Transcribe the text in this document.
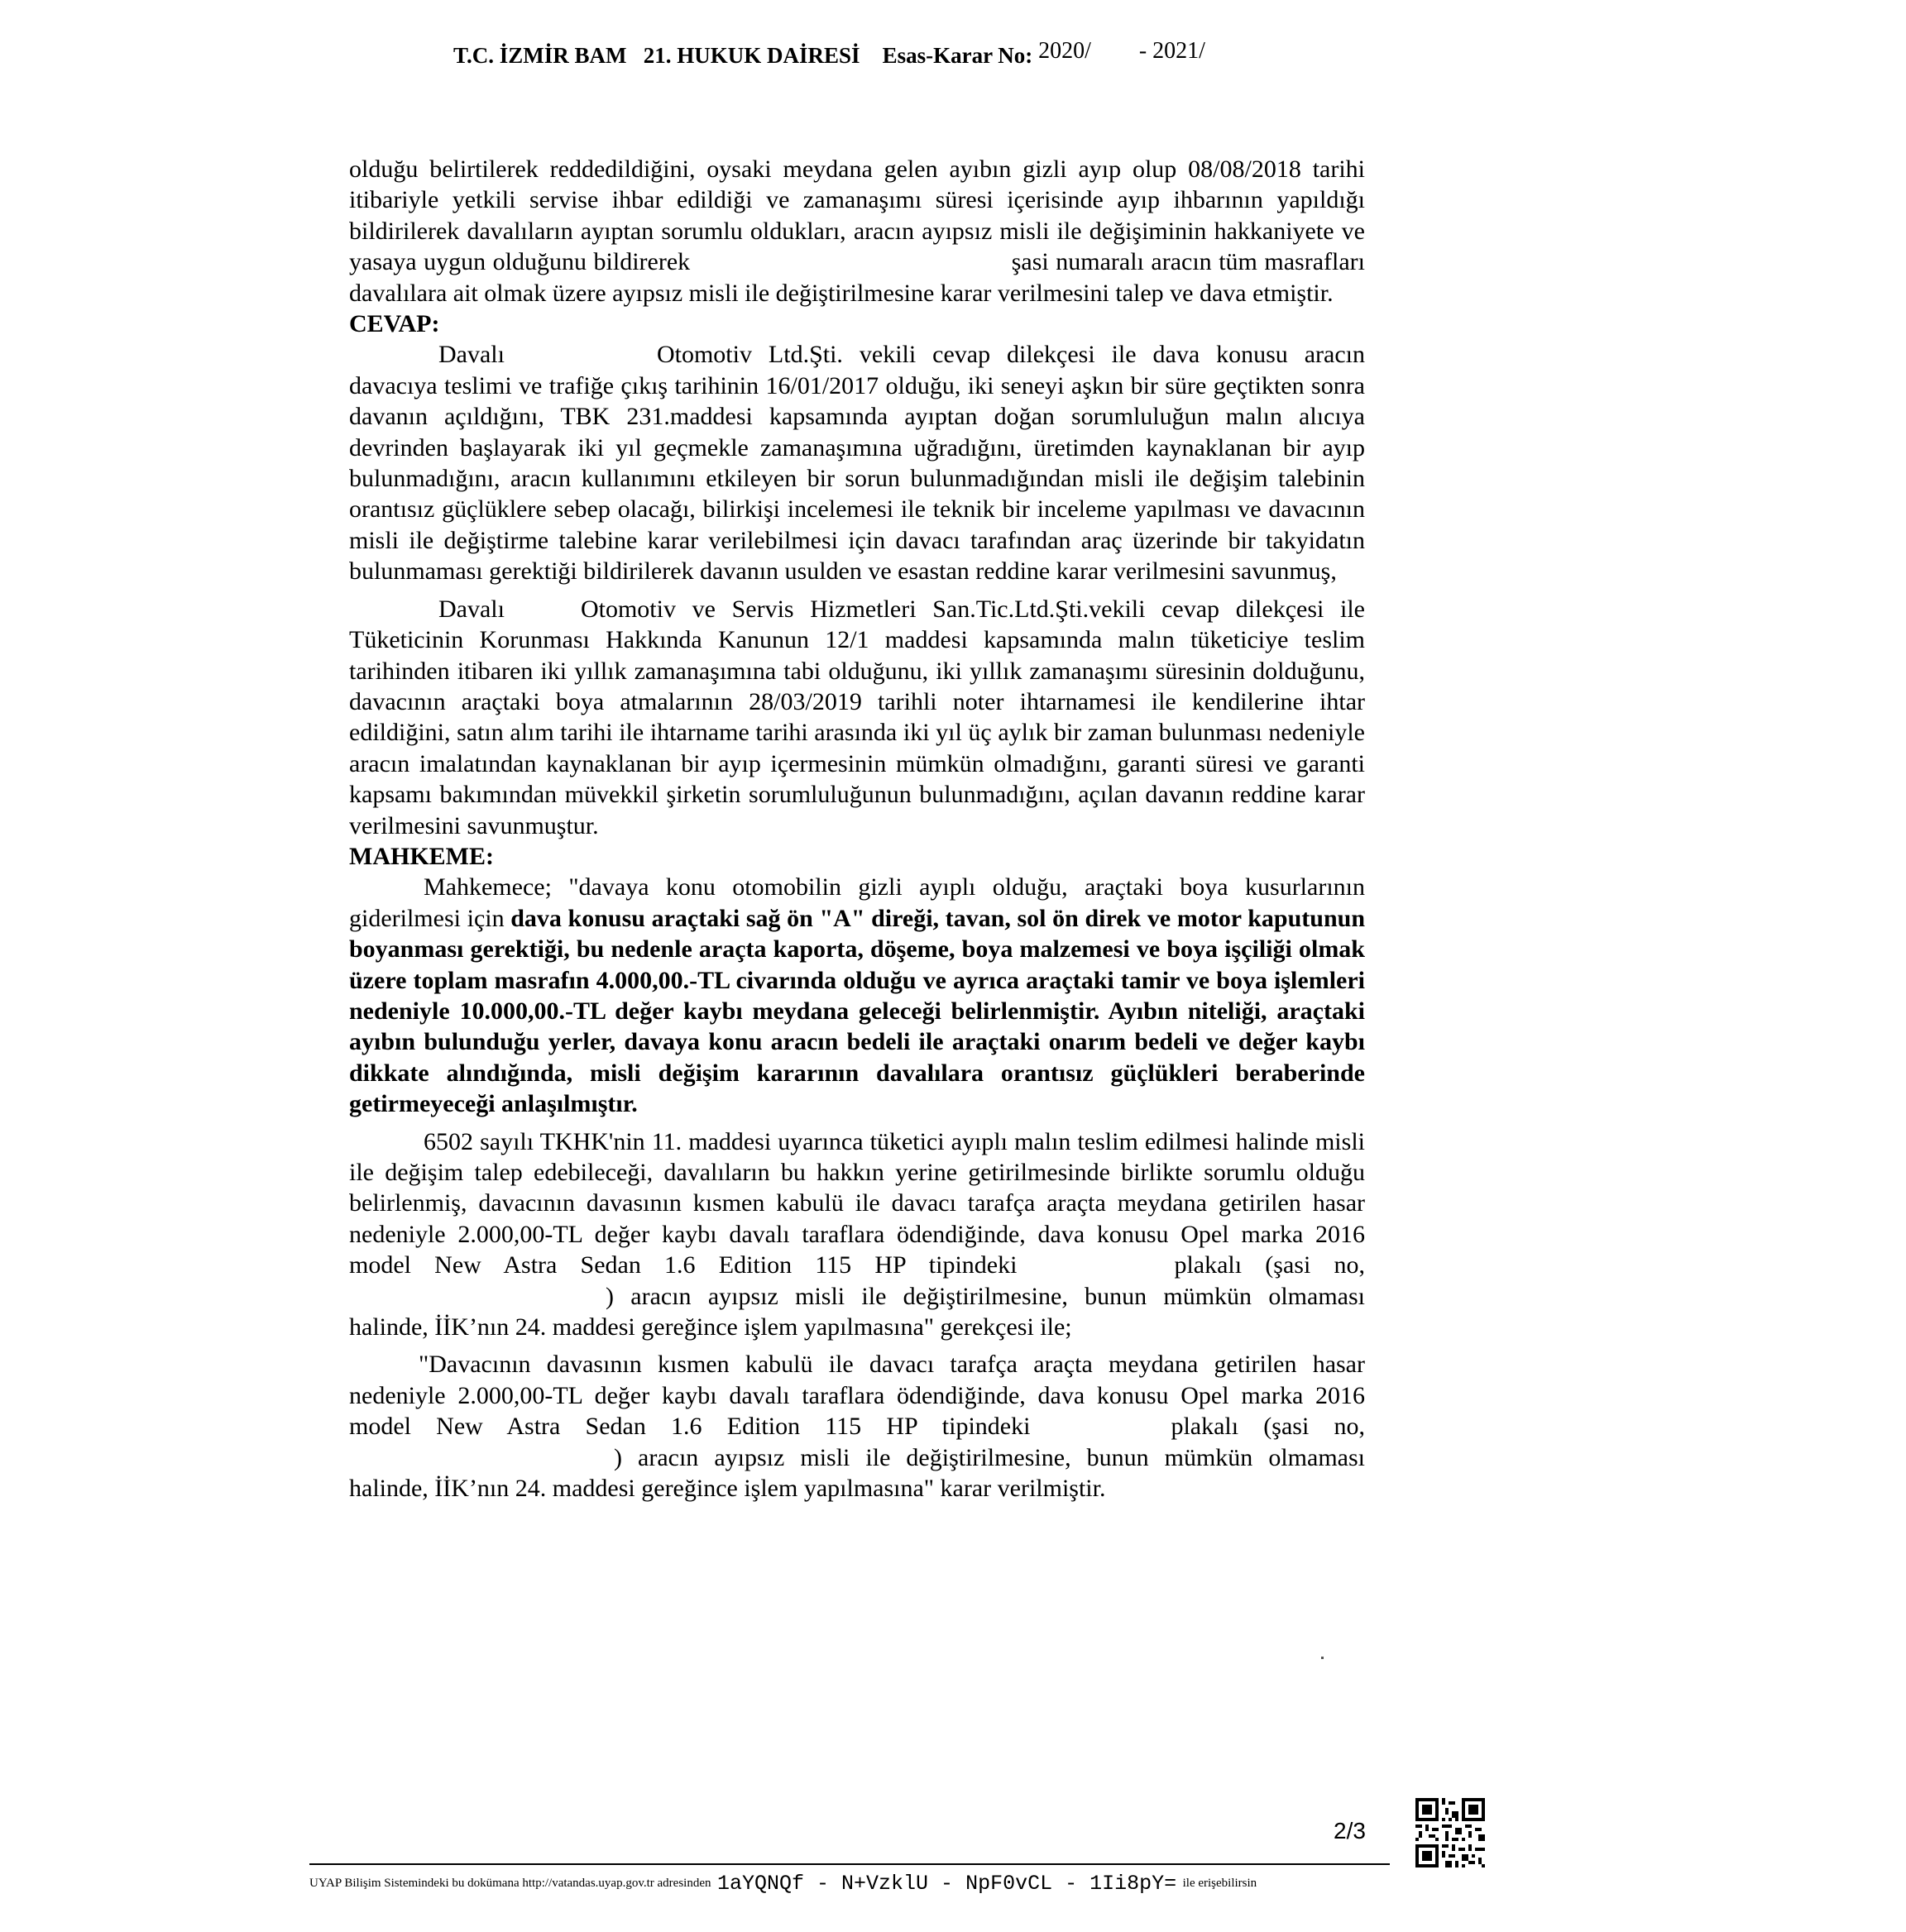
T.C. İZMİR BAM 21. HUKUK DAİRESİ Esas-Karar No: 2020/ - 2021/

olduğu belirtilerek reddedildiğini, oysaki meydana gelen ayıbın gizli ayıp olup 08/08/2018 tarihi itibariyle yetkili servise ihbar edildiği ve zamanaşımı süresi içerisinde ayıp ihbarının yapıldığı bildirilerek davalıların ayıptan sorumlu oldukları, aracın ayıpsız misli ile değişiminin hakkaniyete ve yasaya uygun olduğunu bildirerek	şasi numaralı aracın tüm masrafları davalılara ait olmak üzere ayıpsız misli ile değiştirilmesine karar verilmesini talep ve dava etmiştir.

CEVAP:

Davalı	Otomotiv Ltd.Şti. vekili cevap dilekçesi ile dava konusu aracın davacıya teslimi ve trafiğe çıkış tarihinin 16/01/2017 olduğu, iki seneyi aşkın bir süre geçtikten sonra davanın açıldığını, TBK 231.maddesi kapsamında ayıptan doğan sorumluluğun malın alıcıya devrinden başlayarak iki yıl geçmekle zamanaşımına uğradığını, üretimden kaynaklanan bir ayıp bulunmadığını, aracın kullanımını etkileyen bir sorun bulunmadığından misli ile değişim talebinin orantısız güçlüklere sebep olacağı, bilirkişi incelemesi ile teknik bir inceleme yapılması ve davacının misli ile değiştirme talebine karar verilebilmesi için davacı tarafından araç üzerinde bir takyidatın bulunmaması gerektiği bildirilerek davanın usulden ve esastan reddine karar verilmesini savunmuş,

Davalı	Otomotiv ve Servis Hizmetleri San.Tic.Ltd.Şti.vekili cevap dilekçesi ile Tüketicinin Korunması Hakkında Kanunun 12/1 maddesi kapsamında malın tüketiciye teslim tarihinden itibaren iki yıllık zamanaşımına tabi olduğunu, iki yıllık zamanaşımı süresinin dolduğunu, davacının araçtaki boya atmalarının 28/03/2019 tarihli noter ihtarnamesi ile kendilerine ihtar edildiğini, satın alım tarihi ile ihtarname tarihi arasında iki yıl üç aylık bir zaman bulunması nedeniyle aracın imalatından kaynaklanan bir ayıp içermesinin mümkün olmadığını, garanti süresi ve garanti kapsamı bakımından müvekkil şirketin sorumluluğunun bulunmadığını, açılan davanın reddine karar verilmesini savunmuştur.

MAHKEME:

Mahkemece; "davaya konu otomobilin gizli ayıplı olduğu, araçtaki boya kusurlarının giderilmesi için dava konusu araçtaki sağ ön "A" direği, tavan, sol ön direk ve motor kaputunun boyanması gerektiği, bu nedenle araçta kaporta, döşeme, boya malzemesi ve boya işçiliği olmak üzere toplam masrafın 4.000,00.-TL civarında olduğu ve ayrıca araçtaki tamir ve boya işlemleri nedeniyle 10.000,00.-TL değer kaybı meydana geleceği belirlenmiştir. Ayıbın niteliği, araçtaki ayıbın bulunduğu yerler, davaya konu aracın bedeli ile araçtaki onarım bedeli ve değer kaybı dikkate alındığında, misli değişim kararının davalılara orantısız güçlükleri beraberinde getirmeyeceği anlaşılmıştır.

6502 sayılı TKHK'nin 11. maddesi uyarınca tüketici ayıplı malın teslim edilmesi halinde misli ile değişim talep edebileceği, davalıların bu hakkın yerine getirilmesinde birlikte sorumlu olduğu belirlenmiş, davacının davasının kısmen kabulü ile davacı tarafça araçta meydana getirilen hasar nedeniyle 2.000,00-TL değer kaybı davalı taraflara ödendiğinde, dava konusu Opel marka 2016 model New Astra Sedan 1.6 Edition 115 HP tipindeki	plakalı (şasi no,) aracın ayıpsız misli ile değiştirilmesine, bunun mümkün olmaması halinde, İİK’nın 24. maddesi gereğince işlem yapılmasına" gerekçesi ile;

"Davacının davasının kısmen kabulü ile davacı tarafça araçta meydana getirilen hasar nedeniyle 2.000,00-TL değer kaybı davalı taraflara ödendiğinde, dava konusu Opel marka 2016 model New Astra Sedan 1.6 Edition 115 HP tipindeki	plakalı (şasi no,) aracın ayıpsız misli ile değiştirilmesine, bunun mümkün olmaması halinde, İİK’nın 24. maddesi gereğince işlem yapılmasına" karar verilmiştir.

2/3
UYAP Bilişim Sistemindeki bu dokümana http://vatandas.uyap.gov.tr adresinden 1aYQNQf - N+VzklU - NpF0vCL - 1Ii8pY= ile erişebilirsin
